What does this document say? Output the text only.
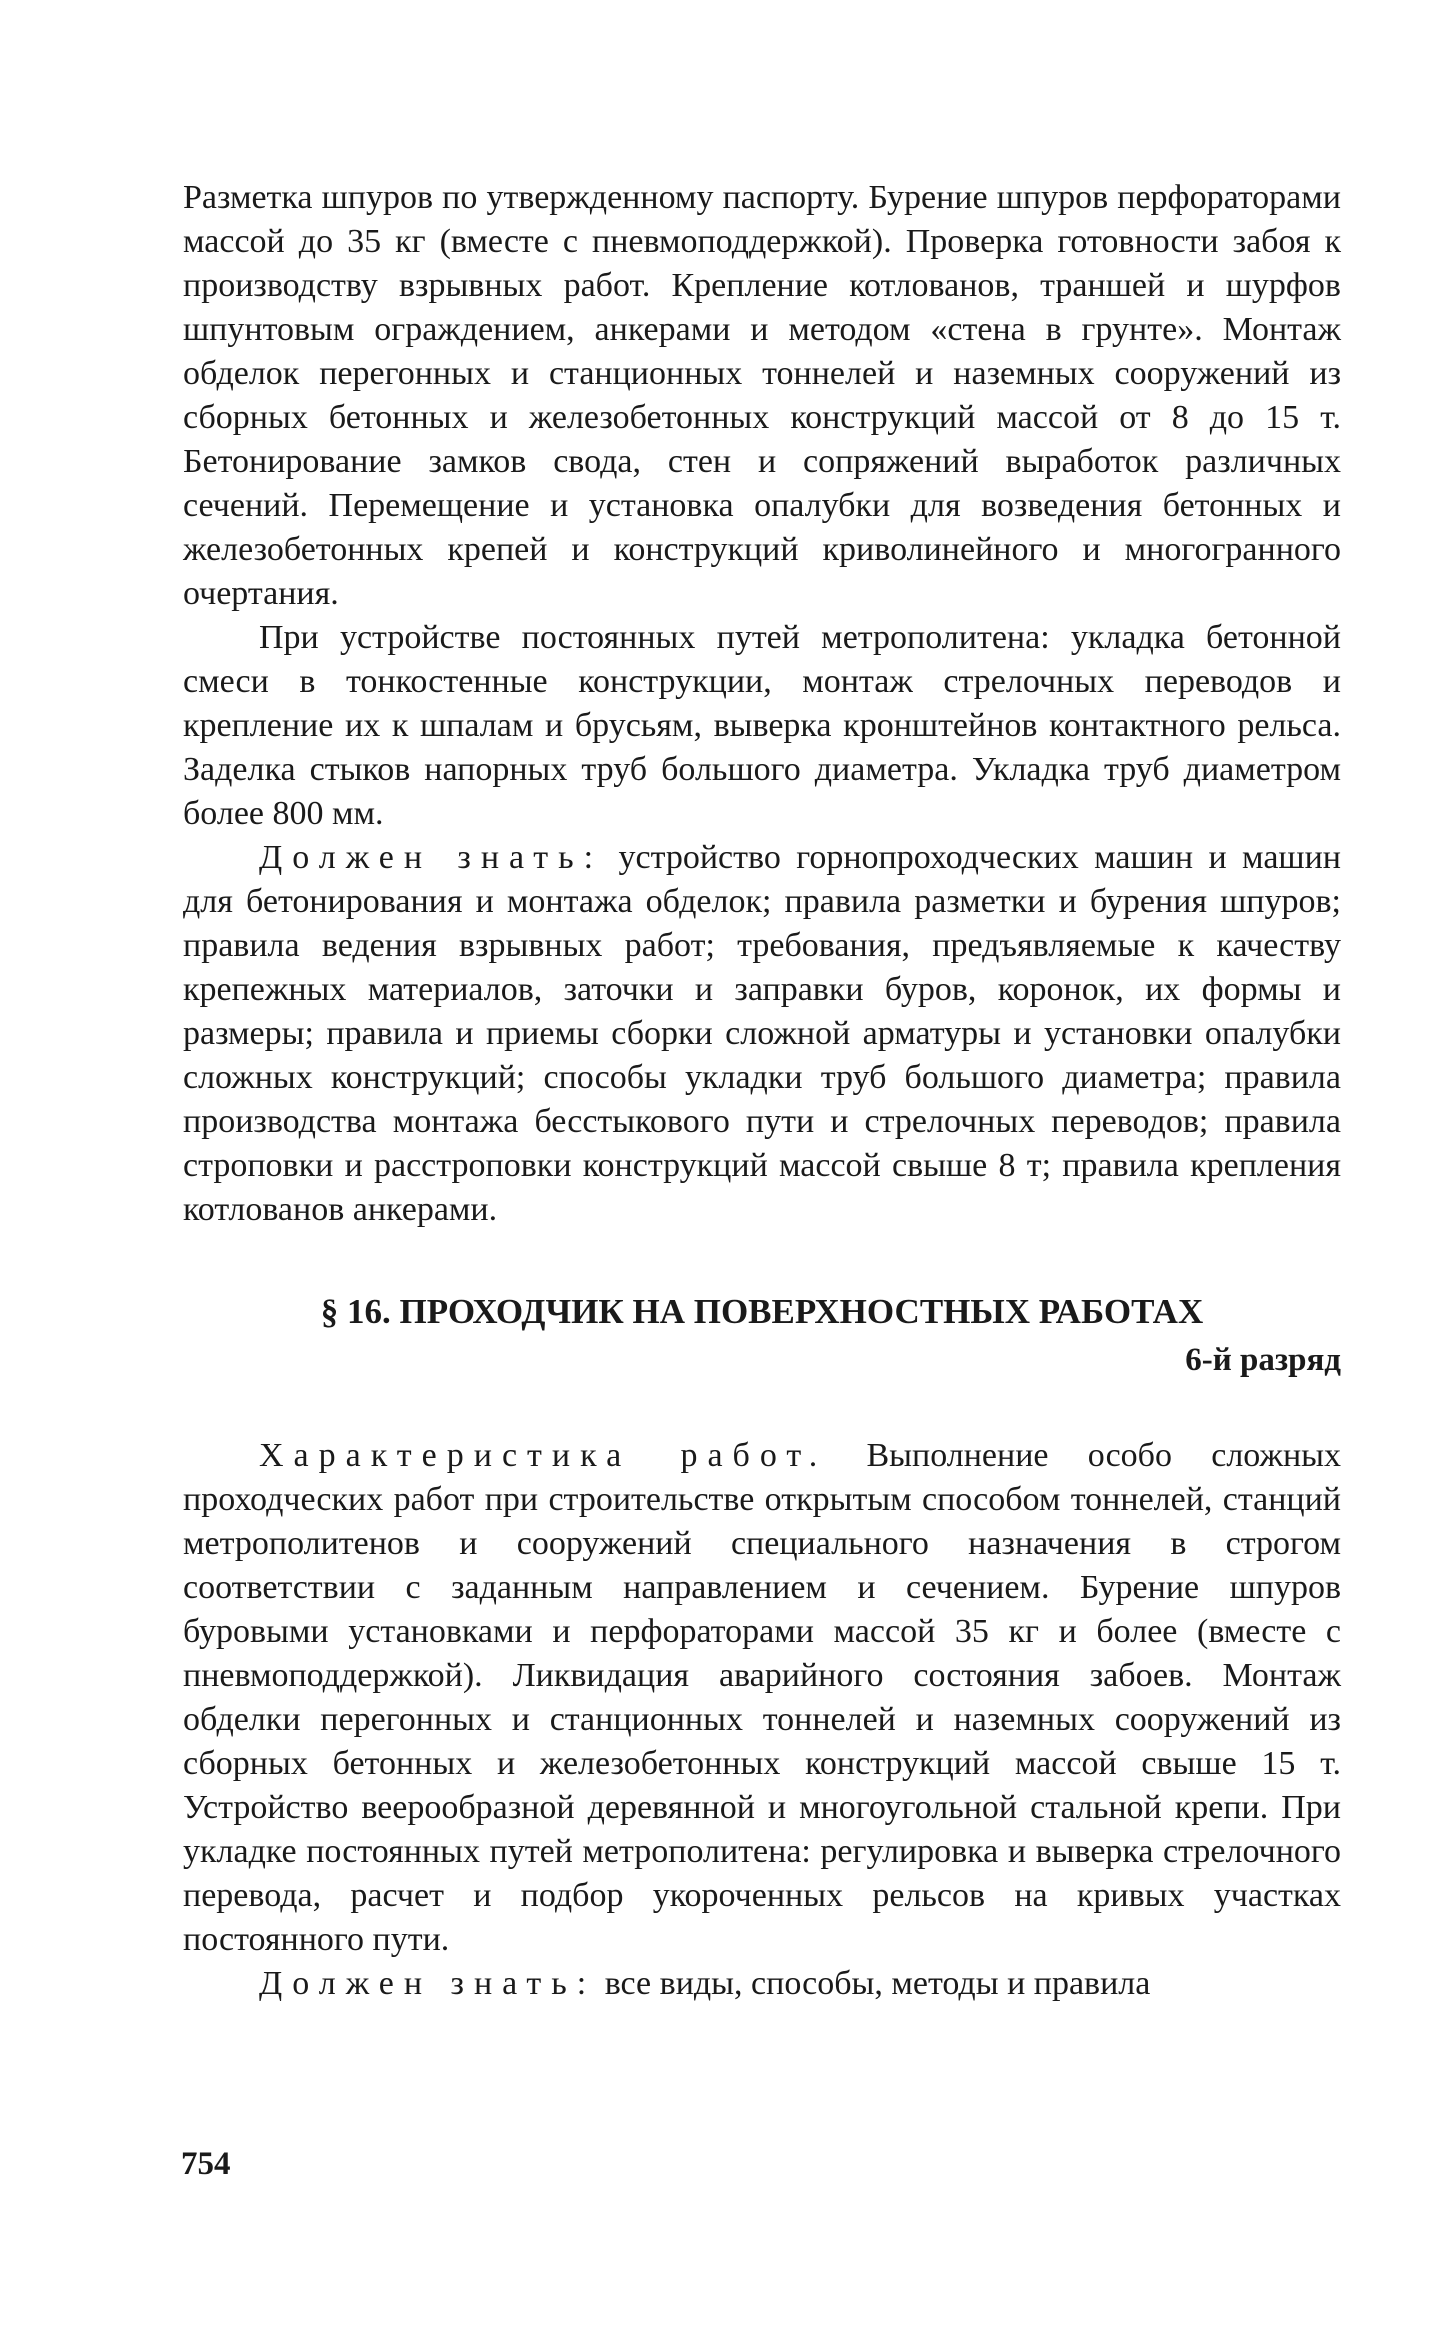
Разметка шпуров по утвержденному паспорту. Бурение шпуров перфораторами массой до 35 кг (вместе с пневмоподдержкой). Проверка готовности забоя к производству взрывных работ. Крепление котлованов, траншей и шурфов шпунтовым ограждением, анкерами и методом «стена в грунте». Монтаж обделок перегонных и станционных тоннелей и наземных сооружений из сборных бетонных и железобетонных конструкций массой от 8 до 15 т. Бетонирование замков свода, стен и сопряжений выработок различных сечений. Перемещение и установка опалубки для возведения бетонных и железобетонных крепей и конструкций криволинейного и многогранного очертания.

При устройстве постоянных путей метрополитена: укладка бетонной смеси в тонкостенные конструкции, монтаж стрелочных переводов и крепление их к шпалам и брусьям, выверка кронштейнов контактного рельса. Заделка стыков напорных труб большого диаметра. Укладка труб диаметром более 800 мм.

Должен знать: устройство горнопроходческих машин и машин для бетонирования и монтажа обделок; правила разметки и бурения шпуров; правила ведения взрывных работ; требования, предъявляемые к качеству крепежных материалов, заточки и заправки буров, коронок, их формы и размеры; правила и приемы сборки сложной арматуры и установки опалубки сложных конструкций; способы укладки труб большого диаметра; правила производства монтажа бесстыкового пути и стрелочных переводов; правила строповки и расстроповки конструкций массой свыше 8 т; правила крепления котлованов анкерами.

§ 16. ПРОХОДЧИК НА ПОВЕРХНОСТНЫХ РАБОТАХ
6-й разряд

Характеристика работ. Выполнение особо сложных проходческих работ при строительстве открытым способом тоннелей, станций метрополитенов и сооружений специального назначения в строгом соответствии с заданным направлением и сечением. Бурение шпуров буровыми установками и перфораторами массой 35 кг и более (вместе с пневмоподдержкой). Ликвидация аварийного состояния забоев. Монтаж обделки перегонных и станционных тоннелей и наземных сооружений из сборных бетонных и железобетонных конструкций массой свыше 15 т. Устройство веерообразной деревянной и многоугольной стальной крепи. При укладке постоянных путей метрополитена: регулировка и выверка стрелочного перевода, расчет и подбор укороченных рельсов на кривых участках постоянного пути.

Должен знать: все виды, способы, методы и правила

754
